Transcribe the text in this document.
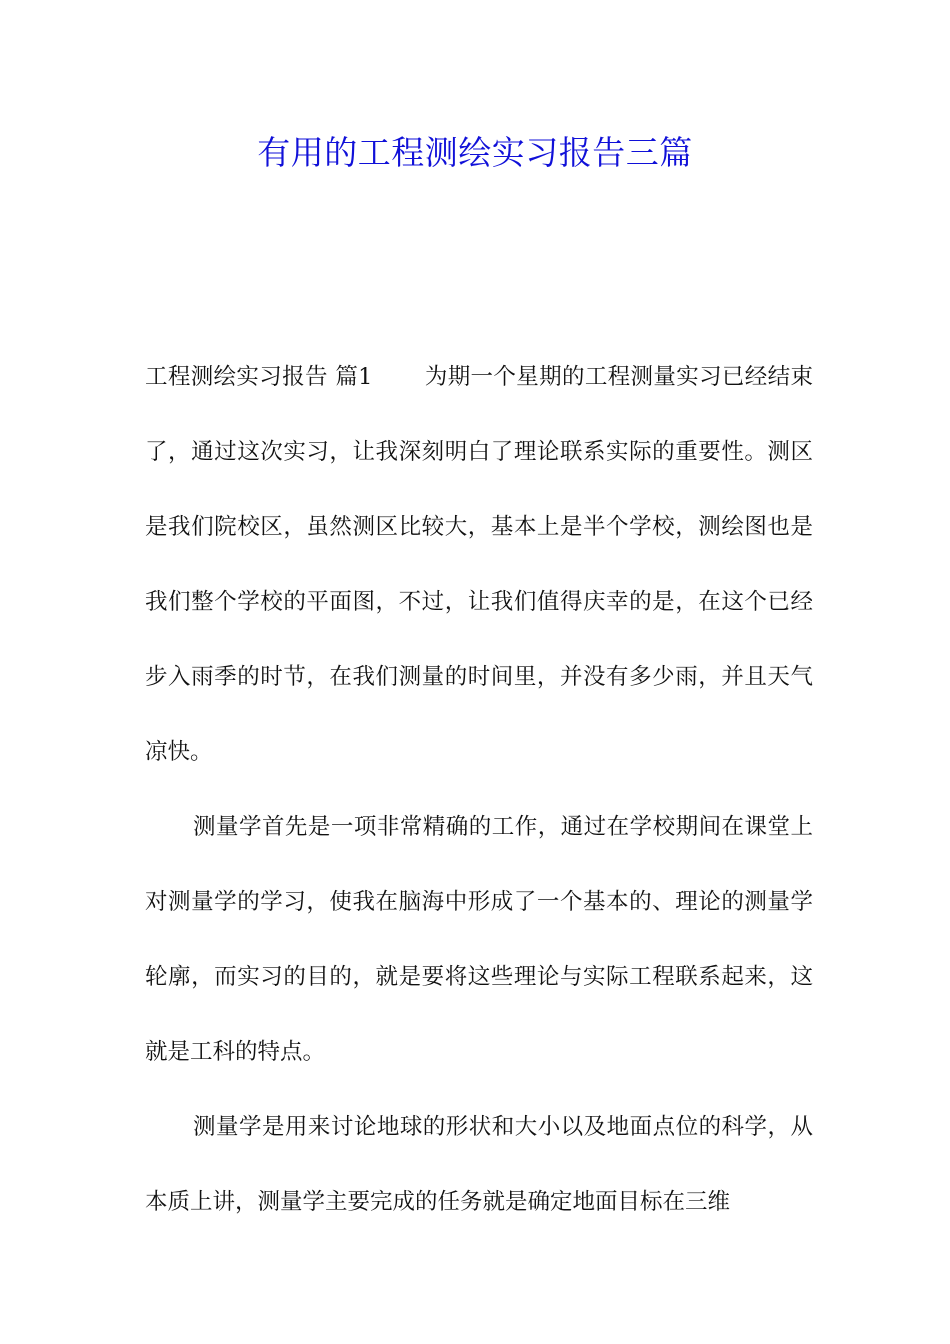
有用的工程测绘实习报告三篇

工程测绘实习报告 篇1 为期一个星期的工程测量实习已经结束了，通过这次实习，让我深刻明白了理论联系实际的重要性。测区是我们院校区，虽然测区比较大，基本上是半个学校，测绘图也是我们整个学校的平面图，不过，让我们值得庆幸的是，在这个已经步入雨季的时节，在我们测量的时间里，并没有多少雨，并且天气凉快。

测量学首先是一项非常精确的工作，通过在学校期间在课堂上对测量学的学习，使我在脑海中形成了一个基本的、理论的测量学轮廓，而实习的目的，就是要将这些理论与实际工程联系起来，这就是工科的特点。

测量学是用来讨论地球的形状和大小以及地面点位的科学，从本质上讲，测量学主要完成的任务就是确定地面目标在三维
